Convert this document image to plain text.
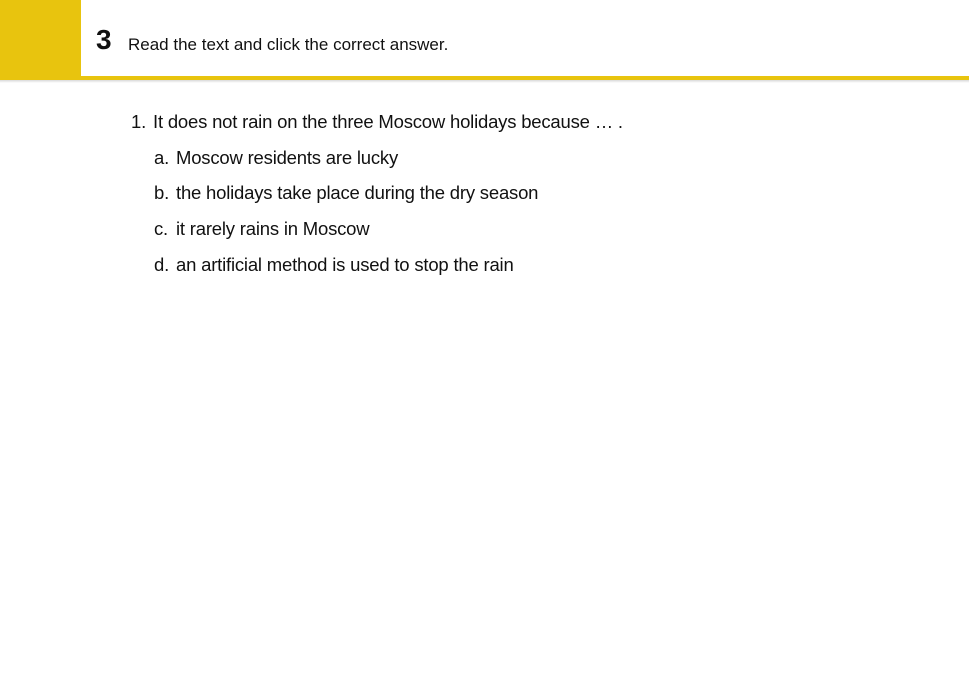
3 Read the text and click the correct answer.
1. It does not rain on the three Moscow holidays because … .
a. Moscow residents are lucky
b. the holidays take place during the dry season
c. it rarely rains in Moscow
d. an artificial method is used to stop the rain
